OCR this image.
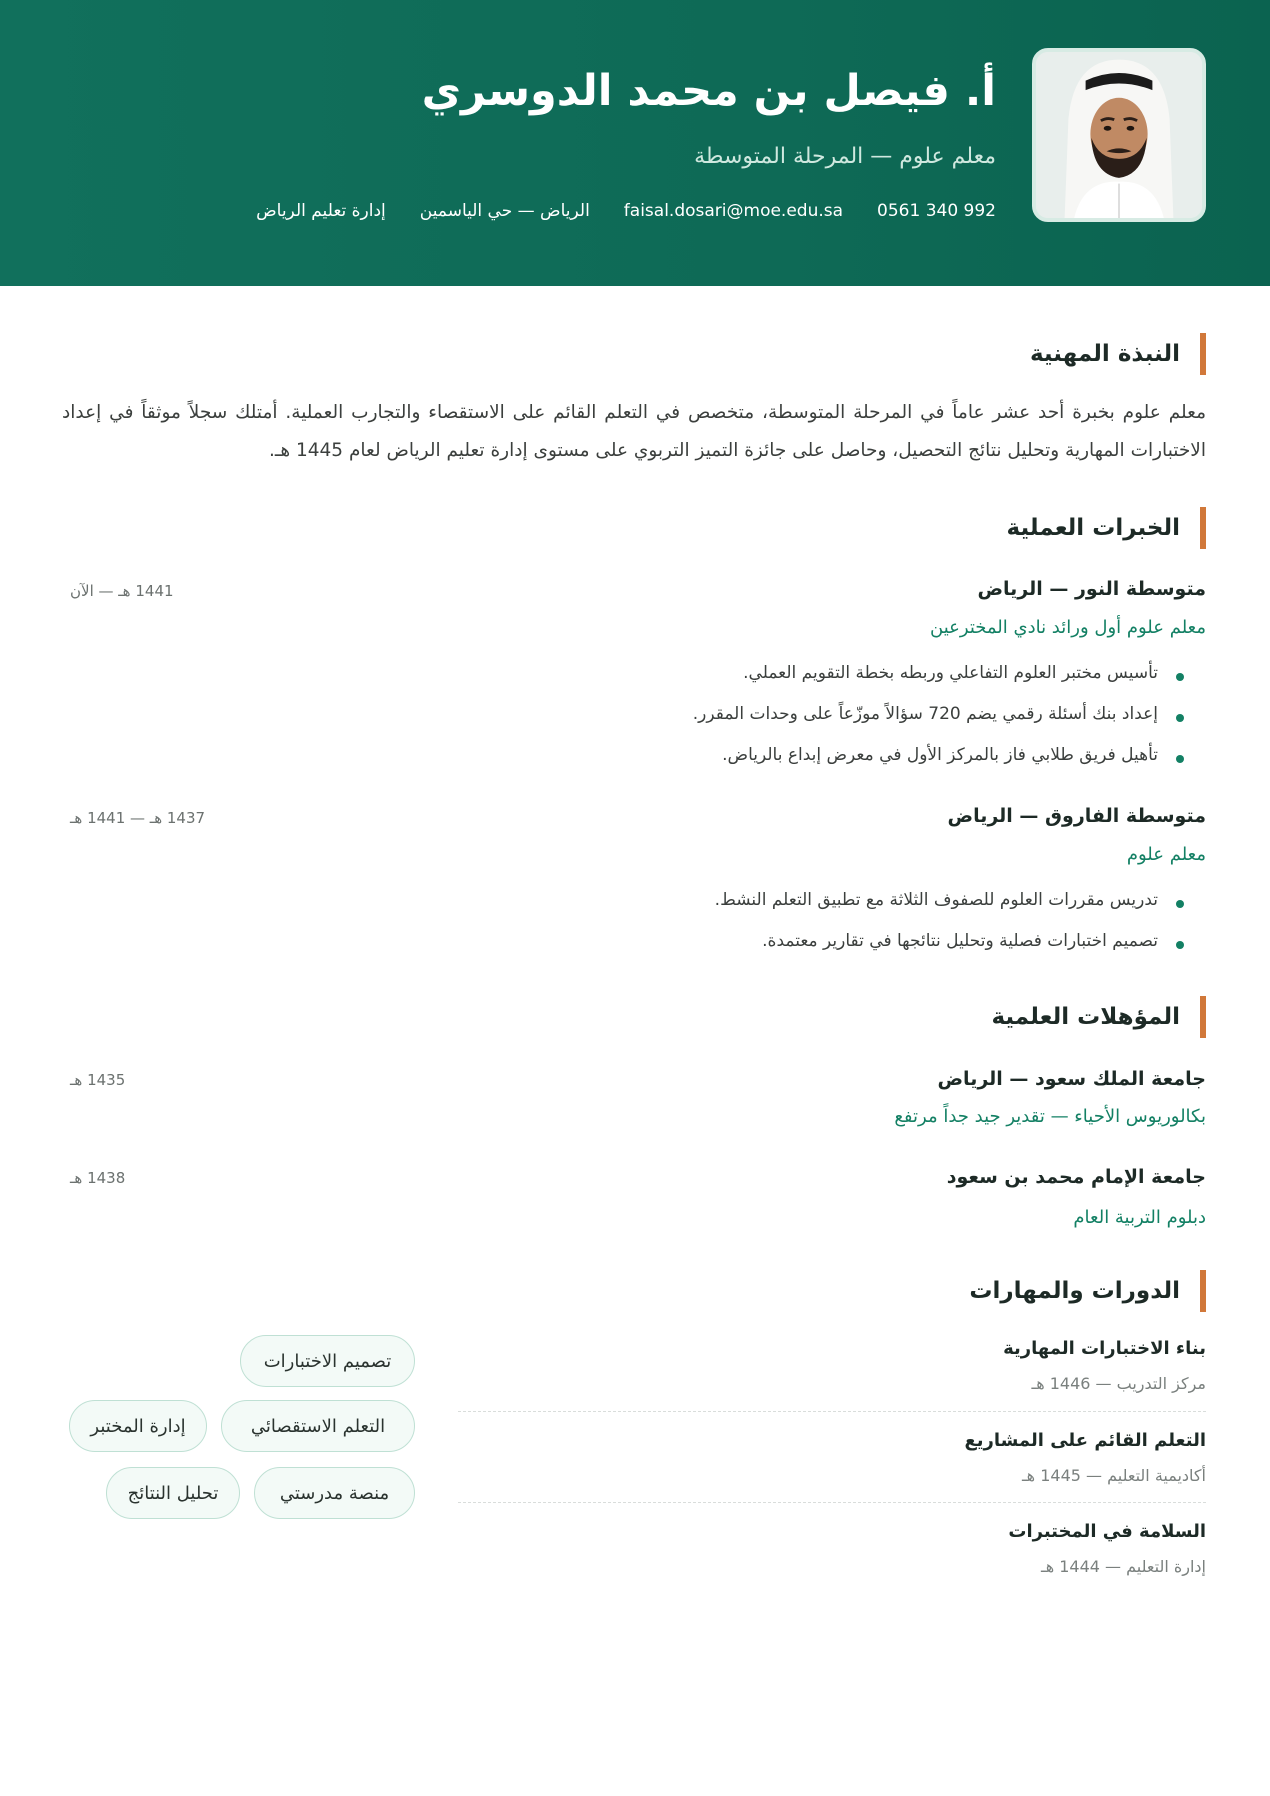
أ. فيصل بن محمد الدوسري
معلم علوم — المرحلة المتوسطة
0561 340 992
faisal.dosari@moe.edu.sa
الرياض — حي الياسمين
إدارة تعليم الرياض
النبذة المهنية

معلم علوم بخبرة أحد عشر عاماً في المرحلة المتوسطة، متخصص في التعلم القائم على الاستقصاء والتجارب العملية. أمتلك سجلاً موثقاً في إعداد الاختبارات المهارية وتحليل نتائج التحصيل، وحاصل على جائزة التميز التربوي على مستوى إدارة تعليم الرياض لعام 1445 هـ.

الخبرات العملية
متوسطة النور — الرياض
1441 هـ — الآن
معلم علوم أول ورائد نادي المخترعين
تأسيس مختبر العلوم التفاعلي وربطه بخطة التقويم العملي.
إعداد بنك أسئلة رقمي يضم 720 سؤالاً موزّعاً على وحدات المقرر.
تأهيل فريق طلابي فاز بالمركز الأول في معرض إبداع بالرياض.
متوسطة الفاروق — الرياض
1437 هـ — 1441 هـ
معلم علوم
تدريس مقررات العلوم للصفوف الثلاثة مع تطبيق التعلم النشط.
تصميم اختبارات فصلية وتحليل نتائجها في تقارير معتمدة.
المؤهلات العلمية
جامعة الملك سعود — الرياض
1435 هـ
بكالوريوس الأحياء — تقدير جيد جداً مرتفع
جامعة الإمام محمد بن سعود
1438 هـ
دبلوم التربية العام
الدورات والمهارات
بناء الاختبارات المهارية
مركز التدريب — 1446 هـ
التعلم القائم على المشاريع
أكاديمية التعليم — 1445 هـ
السلامة في المختبرات
إدارة التعليم — 1444 هـ
تصميم الاختبارات
التعلم الاستقصائي
إدارة المختبر
منصة مدرستي
تحليل النتائج
